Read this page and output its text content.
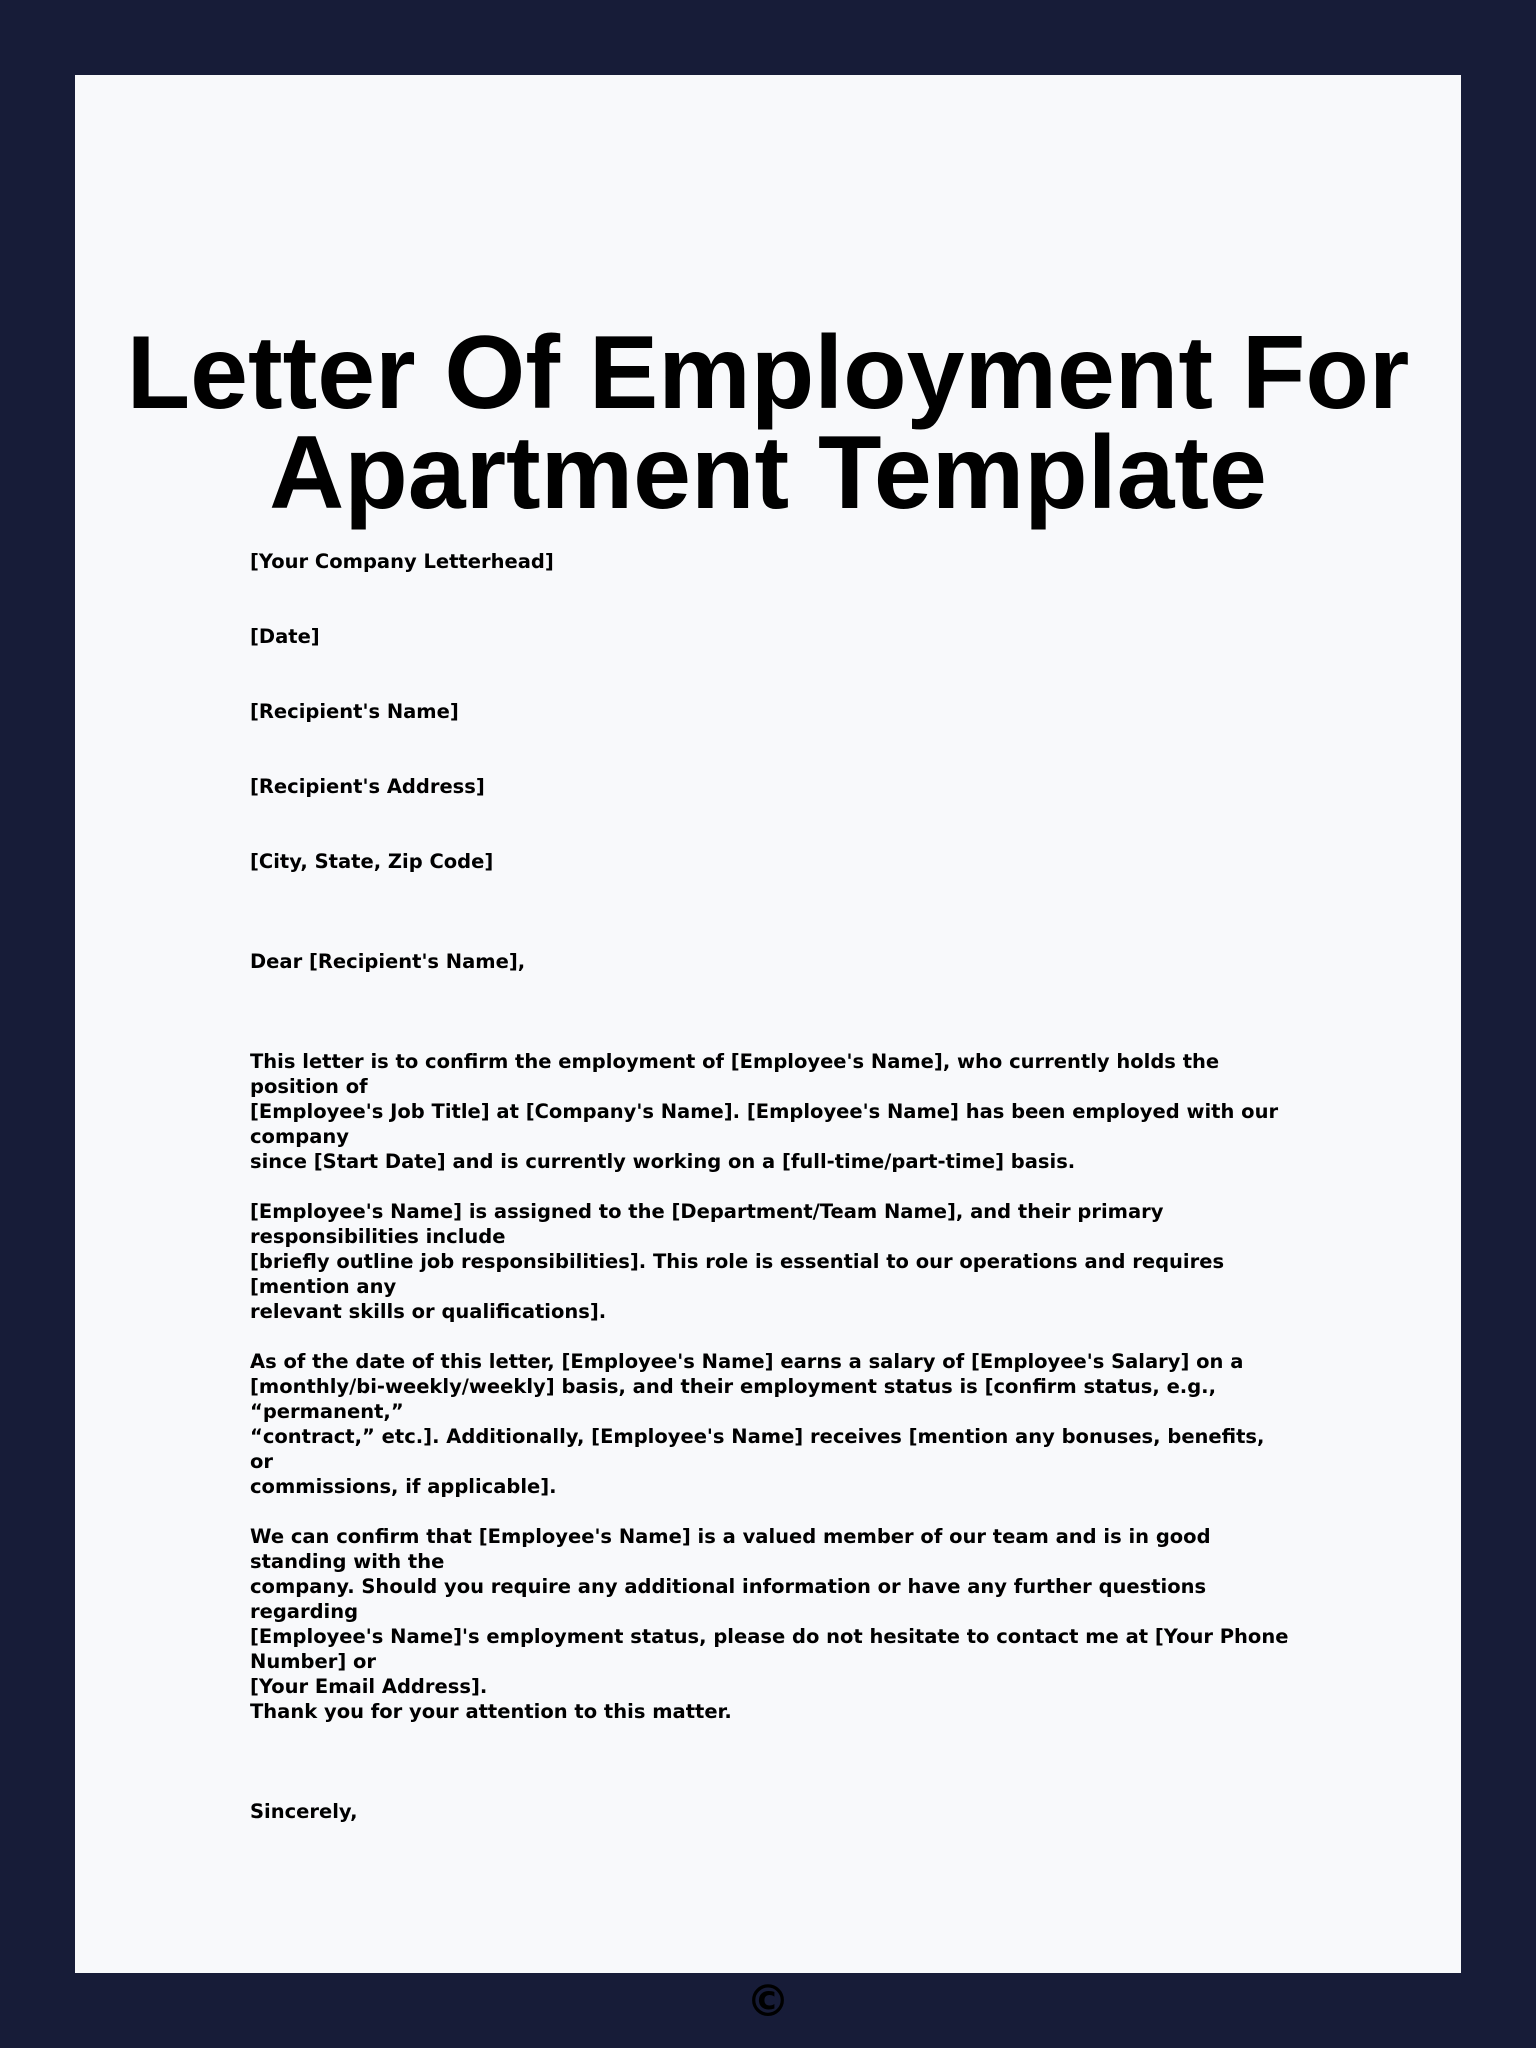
Letter Of Employment For Apartment Template

[Your Company Letterhead]

[Date]

[Recipient's Name]

[Recipient's Address]

[City, State, Zip Code]

Dear [Recipient's Name],

This letter is to confirm the employment of [Employee's Name], who currently holds the position of
[Employee's Job Title] at [Company's Name]. [Employee's Name] has been employed with our company
since [Start Date] and is currently working on a [full-time/part-time] basis.

[Employee's Name] is assigned to the [Department/Team Name], and their primary responsibilities include
[briefly outline job responsibilities]. This role is essential to our operations and requires [mention any
relevant skills or qualifications].

As of the date of this letter, [Employee's Name] earns a salary of [Employee's Salary] on a
[monthly/bi-weekly/weekly] basis, and their employment status is [confirm status, e.g., “permanent,”
“contract,” etc.]. Additionally, [Employee's Name] receives [mention any bonuses, benefits, or
commissions, if applicable].

We can confirm that [Employee's Name] is a valued member of our team and is in good standing with the
company. Should you require any additional information or have any further questions regarding
[Employee's Name]'s employment status, please do not hesitate to contact me at [Your Phone Number] or
[Your Email Address].

Thank you for your attention to this matter.

Sincerely,

©
